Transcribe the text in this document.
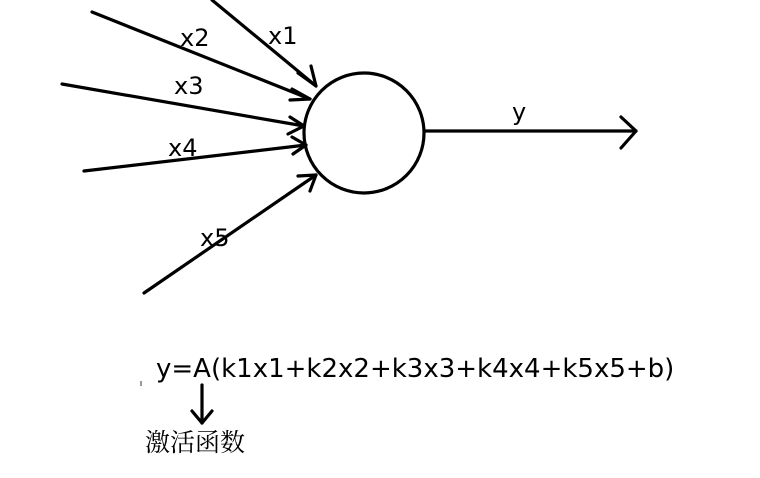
x1
x2
x3
x4
x5
y
y=A(k1x1+k2x2+k3x3+k4x4+k5x5+b)
激活函数
